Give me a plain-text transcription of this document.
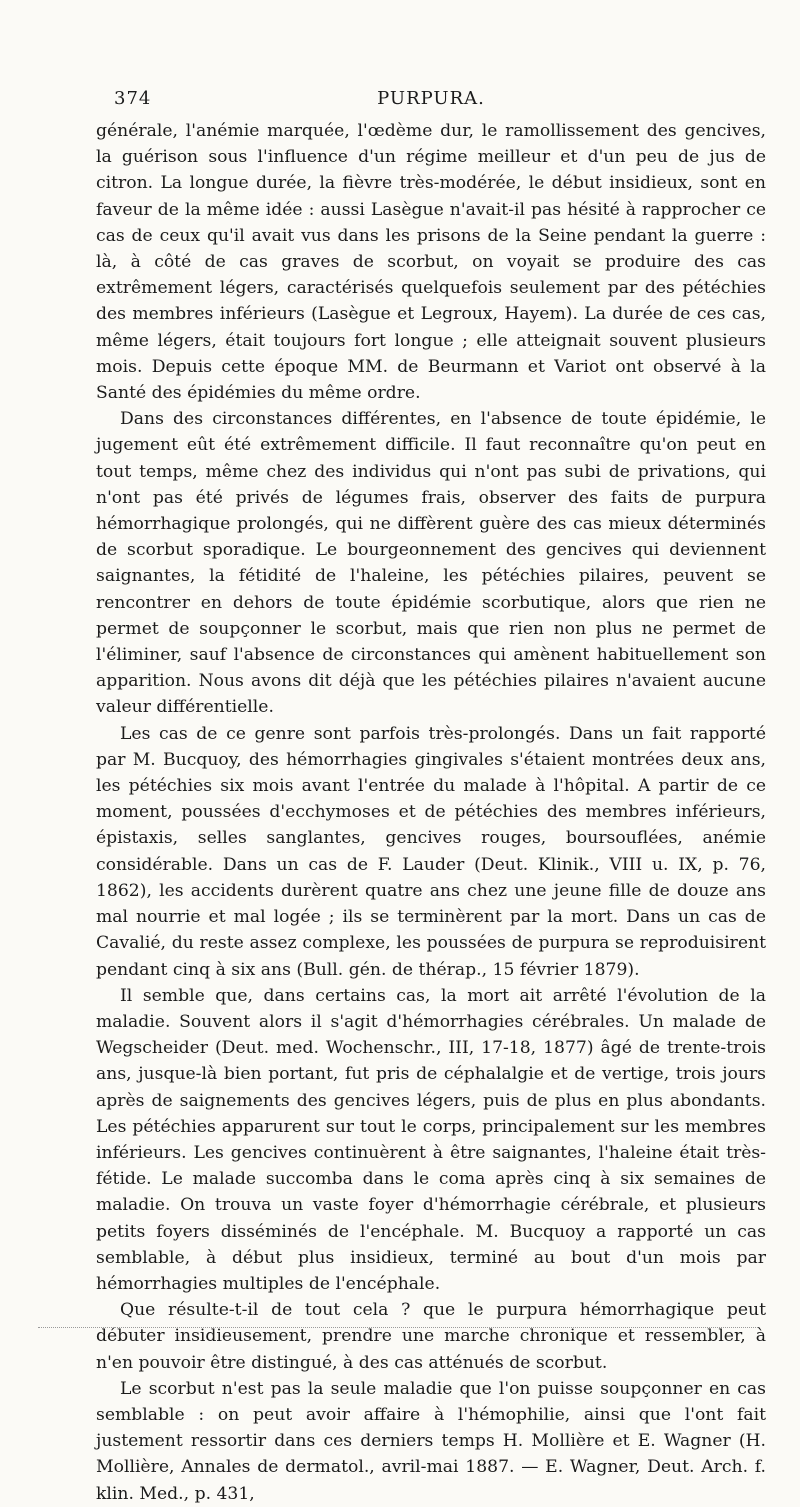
374	PURPURA.

générale, l'anémie marquée, l'œdème dur, le ramollissement des gencives, la guérison sous l'influence d'un régime meilleur et d'un peu de jus de citron. La longue durée, la fièvre très-modérée, le début insidieux, sont en faveur de la même idée : aussi Lasègue n'avait-il pas hésité à rapprocher ce cas de ceux qu'il avait vus dans les prisons de la Seine pendant la guerre : là, à côté de cas graves de scorbut, on voyait se produire des cas extrêmement légers, caractérisés quelquefois seulement par des pétéchies des membres inférieurs (Lasègue et Legroux, Hayem). La durée de ces cas, même légers, était toujours fort longue ; elle atteignait souvent plusieurs mois. Depuis cette époque MM. de Beurmann et Variot ont observé à la Santé des épidémies du même ordre.

Dans des circonstances différentes, en l'absence de toute épidémie, le jugement eût été extrêmement difficile. Il faut reconnaître qu'on peut en tout temps, même chez des individus qui n'ont pas subi de privations, qui n'ont pas été privés de légumes frais, observer des faits de purpura hémorrhagique prolongés, qui ne diffèrent guère des cas mieux déterminés de scorbut sporadique. Le bourgeonnement des gencives qui deviennent saignantes, la fétidité de l'haleine, les pétéchies pilaires, peuvent se rencontrer en dehors de toute épidémie scorbutique, alors que rien ne permet de soupçonner le scorbut, mais que rien non plus ne permet de l'éliminer, sauf l'absence de circonstances qui amènent habituellement son apparition. Nous avons dit déjà que les pétéchies pilaires n'avaient aucune valeur différentielle.

Les cas de ce genre sont parfois très-prolongés. Dans un fait rapporté par M. Bucquoy, des hémorrhagies gingivales s'étaient montrées deux ans, les pétéchies six mois avant l'entrée du malade à l'hôpital. A partir de ce moment, poussées d'ecchymoses et de pétéchies des membres inférieurs, épistaxis, selles sanglantes, gencives rouges, boursouflées, anémie considérable. Dans un cas de F. Lauder (Deut. Klinik., VIII u. IX, p. 76, 1862), les accidents durèrent quatre ans chez une jeune fille de douze ans mal nourrie et mal logée ; ils se terminèrent par la mort. Dans un cas de Cavalié, du reste assez complexe, les poussées de purpura se reproduisirent pendant cinq à six ans (Bull. gén. de thérap., 15 février 1879).

Il semble que, dans certains cas, la mort ait arrêté l'évolution de la maladie. Souvent alors il s'agit d'hémorrhagies cérébrales. Un malade de Wegscheider (Deut. med. Wochenschr., III, 17-18, 1877) âgé de trente-trois ans, jusque-là bien portant, fut pris de céphalalgie et de vertige, trois jours après de saignements des gencives légers, puis de plus en plus abondants. Les pétéchies apparurent sur tout le corps, principalement sur les membres inférieurs. Les gencives continuèrent à être saignantes, l'haleine était très-fétide. Le malade succomba dans le coma après cinq à six semaines de maladie. On trouva un vaste foyer d'hémorrhagie cérébrale, et plusieurs petits foyers disséminés de l'encéphale. M. Bucquoy a rapporté un cas semblable, à début plus insidieux, terminé au bout d'un mois par hémorrhagies multiples de l'encéphale.

Que résulte-t-il de tout cela ? que le purpura hémorrhagique peut débuter insidieusement, prendre une marche chronique et ressembler, à n'en pouvoir être distingué, à des cas atténués de scorbut.

Le scorbut n'est pas la seule maladie que l'on puisse soupçonner en cas semblable : on peut avoir affaire à l'hémophilie, ainsi que l'ont fait justement ressortir dans ces derniers temps H. Mollière et E. Wagner (H. Mollière, Annales de dermatol., avril-mai 1887. — E. Wagner, Deut. Arch. f. klin. Med., p. 431,
